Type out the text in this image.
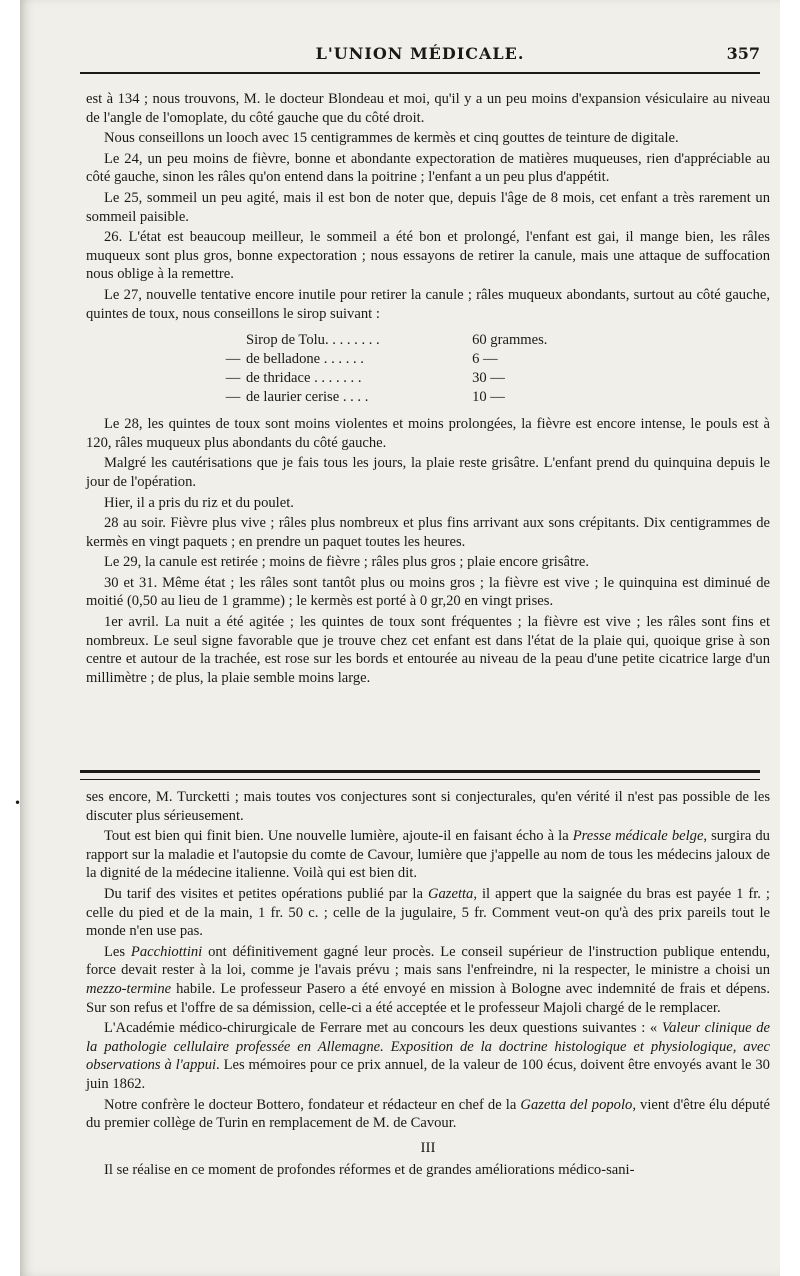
L'UNION MÉDICALE.	357

est à 134 ; nous trouvons, M. le docteur Blondeau et moi, qu'il y a un peu moins d'expansion vésiculaire au niveau de l'angle de l'omoplate, du côté gauche que du côté droit.

Nous conseillons un looch avec 15 centigrammes de kermès et cinq gouttes de teinture de digitale.

Le 24, un peu moins de fièvre, bonne et abondante expectoration de matières muqueuses, rien d'appréciable au côté gauche, sinon les râles qu'on entend dans la poitrine ; l'enfant a un peu plus d'appétit.

Le 25, sommeil un peu agité, mais il est bon de noter que, depuis l'âge de 8 mois, cet enfant a très rarement un sommeil paisible.

26. L'état est beaucoup meilleur, le sommeil a été bon et prolongé, l'enfant est gai, il mange bien, les râles muqueux sont plus gros, bonne expectoration ; nous essayons de retirer la canule, mais une attaque de suffocation nous oblige à la remettre.

Le 27, nouvelle tentative encore inutile pour retirer la canule ; râles muqueux abondants, surtout au côté gauche, quintes de toux, nous conseillons le sirop suivant :

	Sirop de Tolu. . . . . . . .	60 grammes.
—	de belladone . . . . . .	6 —
—	de thridace . . . . . . .	30 —
—	de laurier cerise . . . .	10 —

Le 28, les quintes de toux sont moins violentes et moins prolongées, la fièvre est encore intense, le pouls est à 120, râles muqueux plus abondants du côté gauche.

Malgré les cautérisations que je fais tous les jours, la plaie reste grisâtre. L'enfant prend du quinquina depuis le jour de l'opération.

Hier, il a pris du riz et du poulet.

28 au soir. Fièvre plus vive ; râles plus nombreux et plus fins arrivant aux sons crépitants. Dix centigrammes de kermès en vingt paquets ; en prendre un paquet toutes les heures.

Le 29, la canule est retirée ; moins de fièvre ; râles plus gros ; plaie encore grisâtre.

30 et 31. Même état ; les râles sont tantôt plus ou moins gros ; la fièvre est vive ; le quinquina est diminué de moitié (0,50 au lieu de 1 gramme) ; le kermès est porté à 0 gr,20 en vingt prises.

1er avril. La nuit a été agitée ; les quintes de toux sont fréquentes ; la fièvre est vive ; les râles sont fins et nombreux. Le seul signe favorable que je trouve chez cet enfant est dans l'état de la plaie qui, quoique grise à son centre et autour de la trachée, est rose sur les bords et entourée au niveau de la peau d'une petite cicatrice large d'un millimètre ; de plus, la plaie semble moins large.

ses encore, M. Turcketti ; mais toutes vos conjectures sont si conjecturales, qu'en vérité il n'est pas possible de les discuter plus sérieusement.

Tout est bien qui finit bien. Une nouvelle lumière, ajoute-il en faisant écho à la Presse médicale belge, surgira du rapport sur la maladie et l'autopsie du comte de Cavour, lumière que j'appelle au nom de tous les médecins jaloux de la dignité de la médecine italienne. Voilà qui est bien dit.

Du tarif des visites et petites opérations publié par la Gazetta, il appert que la saignée du bras est payée 1 fr. ; celle du pied et de la main, 1 fr. 50 c. ; celle de la jugulaire, 5 fr. Comment veut-on qu'à des prix pareils tout le monde n'en use pas.

Les Pacchiottini ont définitivement gagné leur procès. Le conseil supérieur de l'instruction publique entendu, force devait rester à la loi, comme je l'avais prévu ; mais sans l'enfreindre, ni la respecter, le ministre a choisi un mezzo-termine habile. Le professeur Pasero a été envoyé en mission à Bologne avec indemnité de frais et dépens. Sur son refus et l'offre de sa démission, celle-ci a été acceptée et le professeur Majoli chargé de le remplacer.

L'Académie médico-chirurgicale de Ferrare met au concours les deux questions suivantes : « Valeur clinique de la pathologie cellulaire professée en Allemagne. Exposition de la doctrine histologique et physiologique, avec observations à l'appui. Les mémoires pour ce prix annuel, de la valeur de 100 écus, doivent être envoyés avant le 30 juin 1862.

Notre confrère le docteur Bottero, fondateur et rédacteur en chef de la Gazetta del popolo, vient d'être élu député du premier collège de Turin en remplacement de M. de Cavour.

III

Il se réalise en ce moment de profondes réformes et de grandes améliorations médico-sani-

•
